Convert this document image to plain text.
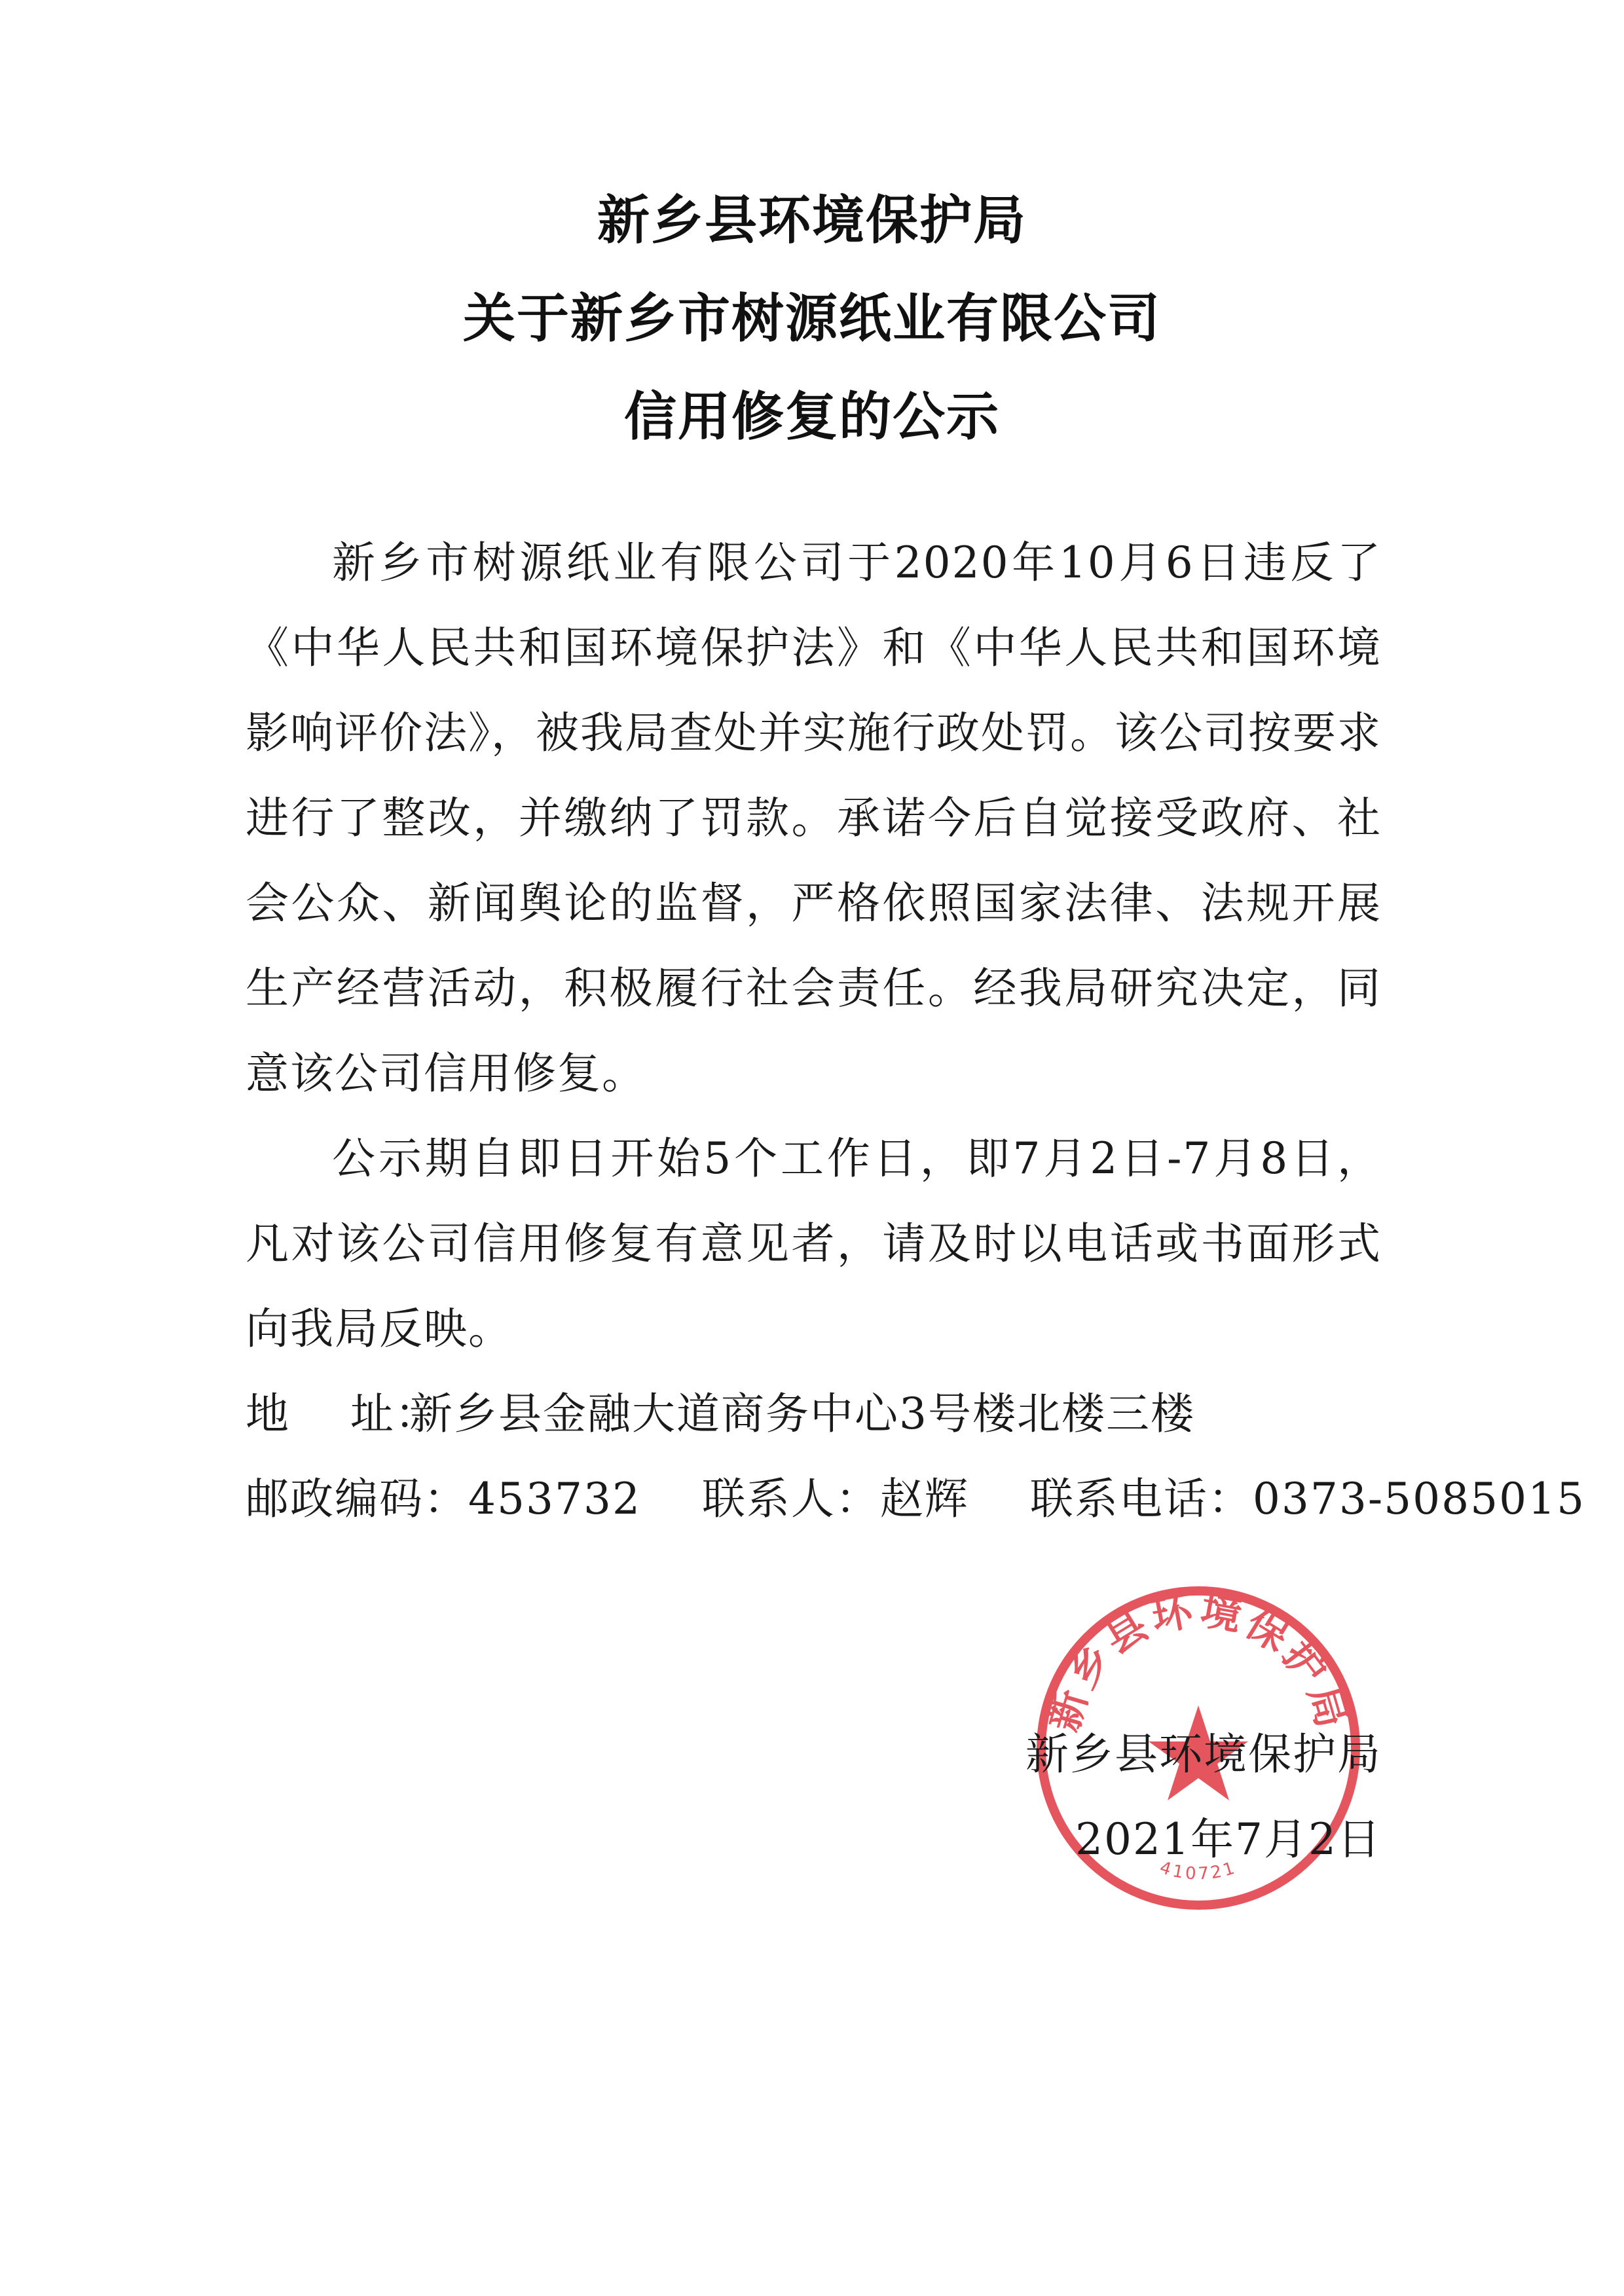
新乡县环境保护局
关于新乡市树源纸业有限公司
信用修复的公示

新乡市树源纸业有限公司于2020年10月6日违反了《中华人民共和国环境保护法》和《中华人民共和国环境影响评价法》，被我局查处并实施行政处罚。该公司按要求进行了整改，并缴纳了罚款。承诺今后自觉接受政府、社会公众、新闻舆论的监督，严格依照国家法律、法规开展生产经营活动，积极履行社会责任。经我局研究决定，同意该公司信用修复。

公示期自即日开始5个工作日，即7月2日-7月8日，凡对该公司信用修复有意见者，请及时以电话或书面形式向我局反映。

地    址：新乡县金融大道商务中心3号楼北楼三楼
邮政编码：453732 联系人：赵辉 联系电话：0373-5085015
新乡县环境保护局
410721
新乡县环境保护局
2021年7月2日
